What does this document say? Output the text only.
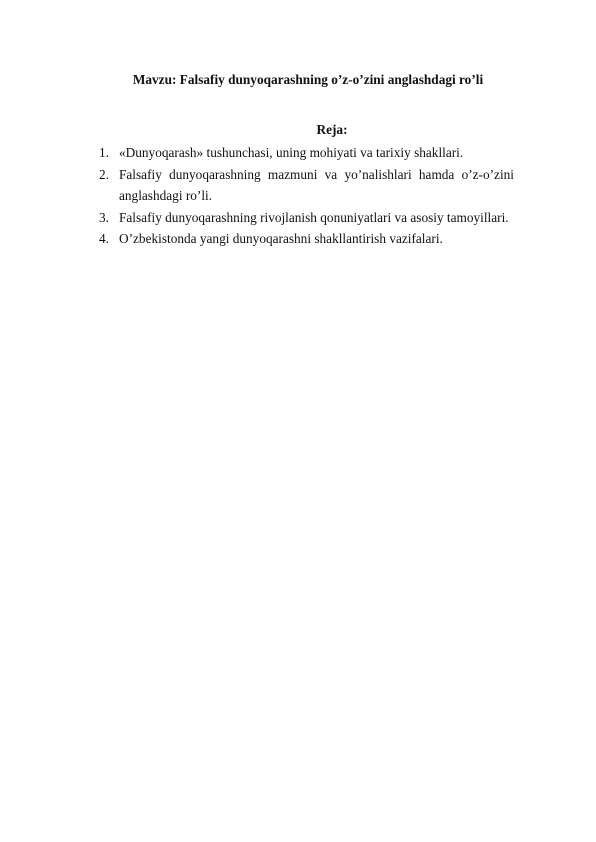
Mavzu: Falsafiy dunyoqarashning o’z-o’zini anglashdagi ro’li

Reja:

1. «Dunyoqarash» tushunchasi, uning mohiyati va tarixiy shakllari.
2. Falsafiy dunyoqarashning mazmuni va yo’nalishlari hamda o’z-o’zini anglashdagi ro’li.
3. Falsafiy dunyoqarashning rivojlanish qonuniyatlari va asosiy tamoyillari.
4. O’zbekistonda yangi dunyoqarashni shakllantirish vazifalari.
